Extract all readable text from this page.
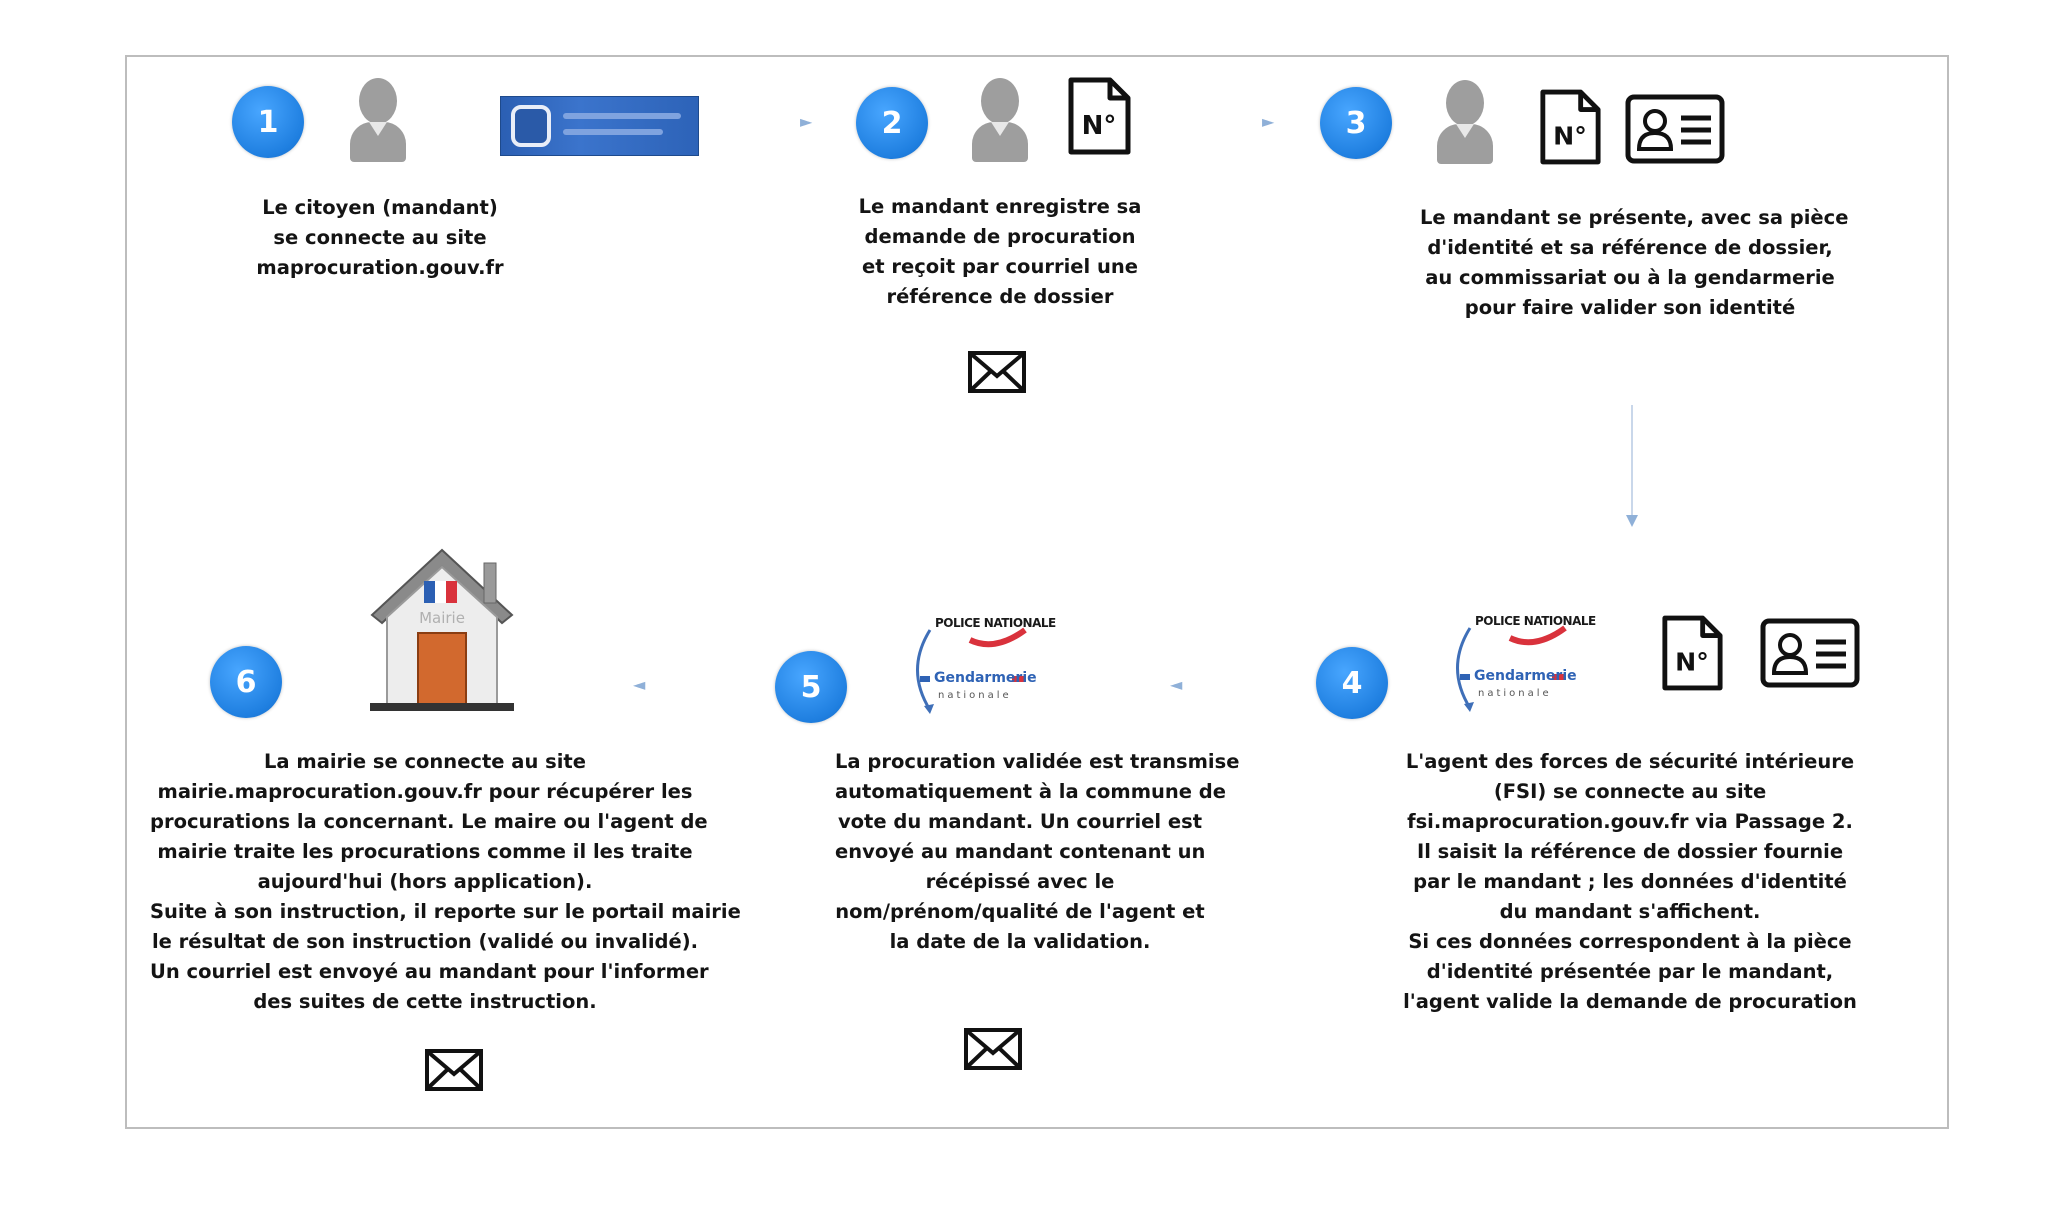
1	►
Le citoyen (mandant)
se connecte au site
maprocuration.gouv.fr
2	N°	►
Le mandant enregistre sa
demande de procuration
et reçoit par courriel une
référence de dossier
3	N°
Le mandant se présente, avec sa pièce
d'identité et sa référence de dossier,
au commissariat ou à la gendarmerie
pour faire valider son identité
4
POLICE NATIONALE
Gendarmerie
nationale
N°
◄
L'agent des forces de sécurité intérieure
(FSI) se connecte au site
fsi.maprocuration.gouv.fr via Passage 2.
Il saisit la référence de dossier fournie
par le mandant ; les données d'identité
du mandant s'affichent.
Si ces données correspondent à la pièce
d'identité présentée par le mandant,
l'agent valide la demande de procuration
5
POLICE NATIONALE
Gendarmerie
nationale
◄
La procuration validée est transmise
automatiquement à la commune de
vote du mandant. Un courriel est
envoyé au mandant contenant un
récépissé avec le
nom/prénom/qualité de l'agent et
la date de la validation.
6
Mairie
La mairie se connecte au site
mairie.maprocuration.gouv.fr pour récupérer les
procurations la concernant. Le maire ou l'agent de
mairie traite les procurations comme il les traite
aujourd'hui (hors application).
Suite à son instruction, il reporte sur le portail mairie
le résultat de son instruction (validé ou invalidé).
Un courriel est envoyé au mandant pour l'informer
des suites de cette instruction.
